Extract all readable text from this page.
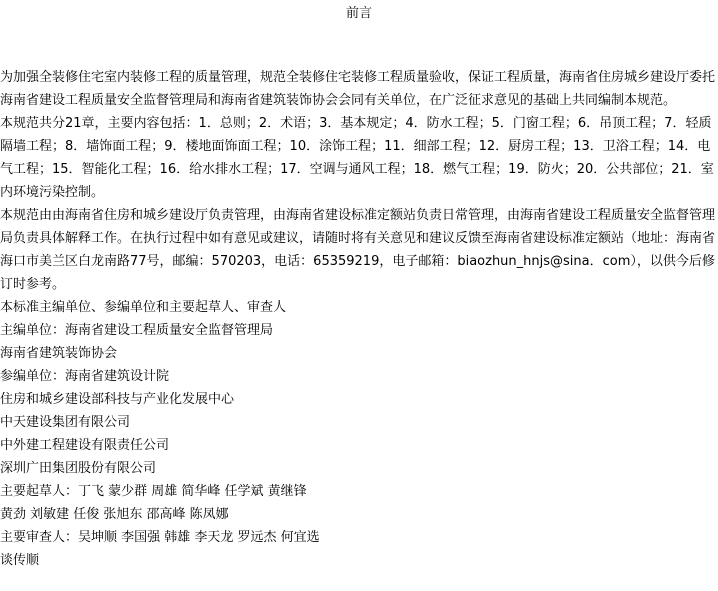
前言

为加强全装修住宅室内装修工程的质量管理，规范全装修住宅装修工程质量验收，保证工程质量，海南省住房城乡建设厅委托海南省建设工程质量安全监督管理局和海南省建筑装饰协会会同有关单位，在广泛征求意见的基础上共同编制本规范。

本规范共分21章，主要内容包括：1．总则；2．术语；3．基本规定；4．防水工程；5．门窗工程；6．吊顶工程；7．轻质隔墙工程；8．墙饰面工程；9．楼地面饰面工程；10．涂饰工程；11．细部工程；12．厨房工程；13．卫浴工程；14．电气工程；15．智能化工程；16．给水排水工程；17．空调与通风工程；18．燃气工程；19．防火；20．公共部位；21．室内环境污染控制。

本规范由由海南省住房和城乡建设厅负责管理，由海南省建设标准定额站负责日常管理，由海南省建设工程质量安全监督管理局负责具体解释工作。在执行过程中如有意见或建议，请随时将有关意见和建议反馈至海南省建设标准定额站（地址：海南省海口市美兰区白龙南路77号，邮编：570203，电话：65359219，电子邮箱：biaozhun_hnjs@sina．com），以供今后修订时参考。

本标准主编单位、参编单位和主要起草人、审查人

主编单位：海南省建设工程质量安全监督管理局

海南省建筑装饰协会

参编单位：海南省建筑设计院

住房和城乡建设部科技与产业化发展中心

中天建设集团有限公司

中外建工程建设有限责任公司

深圳广田集团股份有限公司

主要起草人：丁飞 蒙少群 周雄 简华峰 任学斌 黄继锋

黄劲 刘敏建 任俊 张旭东 邵高峰 陈凤娜

主要审查人：吴坤顺 李国强 韩雄 李天龙 罗远杰 何宜选

谈传顺
